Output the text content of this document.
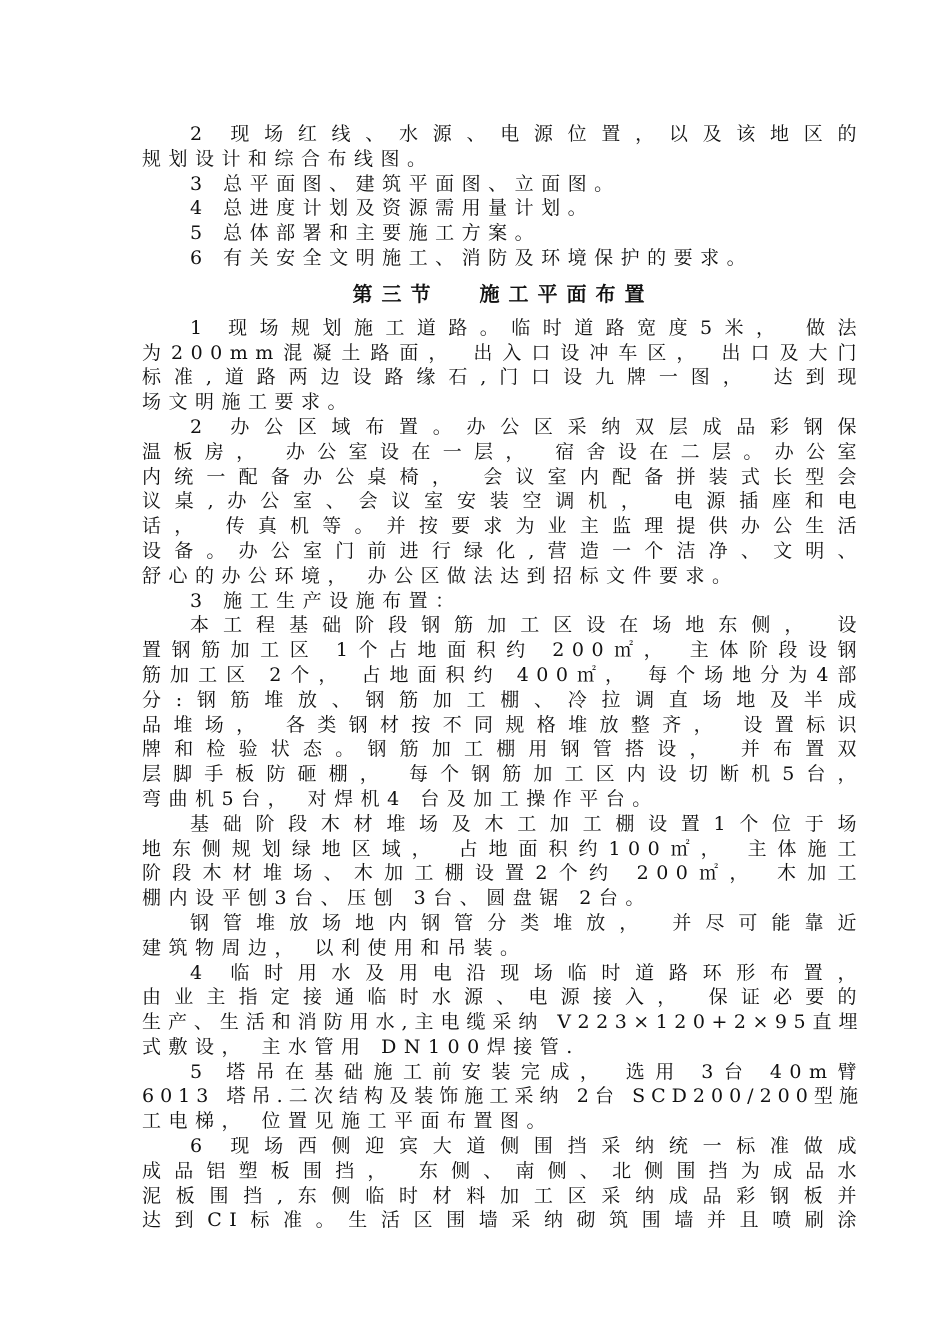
2 现场红线、水源、电源位置，以及该地区的
规划设计和综合布线图。
3 总平面图、建筑平面图、立面图。
4 总进度计划及资源需用量计划。
5 总体部署和主要施工方案。
6 有关安全文明施工、消防及环境保护的要求。
第三节 施工平面布置
1 现场规划施工道路。临时道路宽度5米， 做法
为200mm混凝土路面， 出入口设冲车区， 出口及大门
标准,道路两边设路缘石,门口设九牌一图， 达到现
场文明施工要求。
2 办公区域布置。办公区采纳双层成品彩钢保
温板房， 办公室设在一层， 宿舍设在二层。办公室
内统一配备办公桌椅， 会议室内配备拼装式长型会
议桌,办公室、会议室安装空调机， 电源插座和电
话， 传真机等。并按要求为业主监理提供办公生活
设备。办公室门前进行绿化,营造一个洁净、文明、
舒心的办公环境， 办公区做法达到招标文件要求。
3 施工生产设施布置：
本工程基础阶段钢筋加工区设在场地东侧， 设
置钢筋加工区 1个占地面积约 200㎡， 主体阶段设钢
筋加工区 2个， 占地面积约 400㎡， 每个场地分为4部
分:钢筋堆放、钢筋加工棚、冷拉调直场地及半成
品堆场， 各类钢材按不同规格堆放整齐， 设置标识
牌和检验状态。钢筋加工棚用钢管搭设， 并布置双
层脚手板防砸棚， 每个钢筋加工区内设切断机5台，
弯曲机5台， 对焊机4 台及加工操作平台。
基础阶段木材堆场及木工加工棚设置1个位于场
地东侧规划绿地区域， 占地面积约100㎡， 主体施工
阶段木材堆场、木加工棚设置2个约 200㎡， 木加工
棚内设平刨3台、压刨 3台、圆盘锯 2台。
钢管堆放场地内钢管分类堆放， 并尽可能靠近
建筑物周边， 以利使用和吊装。
4 临时用水及用电沿现场临时道路环形布置，
由业主指定接通临时水源、电源接入， 保证必要的
生产、生活和消防用水,主电缆采纳 V223×120+2×95直埋
式敷设， 主水管用 DN100焊接管.
5 塔吊在基础施工前安装完成， 选用 3台 40m臂
6013 塔吊.二次结构及装饰施工采纳 2台 SCD200/200型施
工电梯， 位置见施工平面布置图。
6 现场西侧迎宾大道侧围挡采纳统一标准做成
成品铝塑板围挡， 东侧、南侧、北侧围挡为成品水
泥板围挡,东侧临时材料加工区采纳成品彩钢板并
达到CI标准。生活区围墙采纳砌筑围墙并且喷刷涂
